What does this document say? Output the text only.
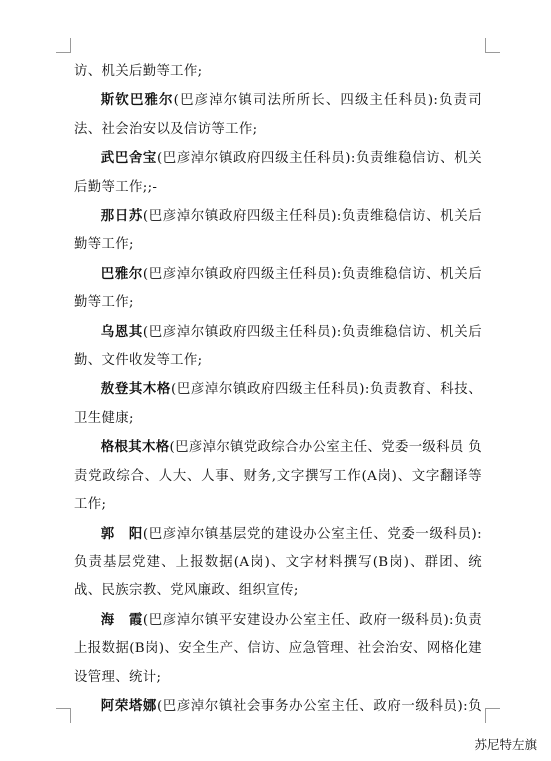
访、机关后勤等工作;

斯钦巴雅尔(巴彦淖尔镇司法所所长、四级主任科员):负责司法、社会治安以及信访等工作;

武巴舍宝(巴彦淖尔镇政府四级主任科员):负责维稳信访、机关后勤等工作;;-

那日苏(巴彦淖尔镇政府四级主任科员):负责维稳信访、机关后勤等工作;

巴雅尔(巴彦淖尔镇政府四级主任科员):负责维稳信访、机关后勤等工作;

乌恩其(巴彦淖尔镇政府四级主任科员):负责维稳信访、机关后勤、文件收发等工作;

敖登其木格(巴彦淖尔镇政府四级主任科员):负责教育、科技、卫生健康;

格根其木格(巴彦淖尔镇党政综合办公室主任、党委一级科员 负责党政综合、人大、人事、财务,文字撰写工作(A岗)、文字翻译等工作;

郭　阳(巴彦淖尔镇基层党的建设办公室主任、党委一级科员):负责基层党建、上报数据(A岗)、文字材料撰写(B岗)、群团、统战、民族宗教、党风廉政、组织宣传;

海　霞(巴彦淖尔镇平安建设办公室主任、政府一级科员):负责上报数据(B岗)、安全生产、信访、应急管理、社会治安、网格化建设管理、统计;

阿荣塔娜(巴彦淖尔镇社会事务办公室主任、政府一级科员):负

苏尼特左旗
